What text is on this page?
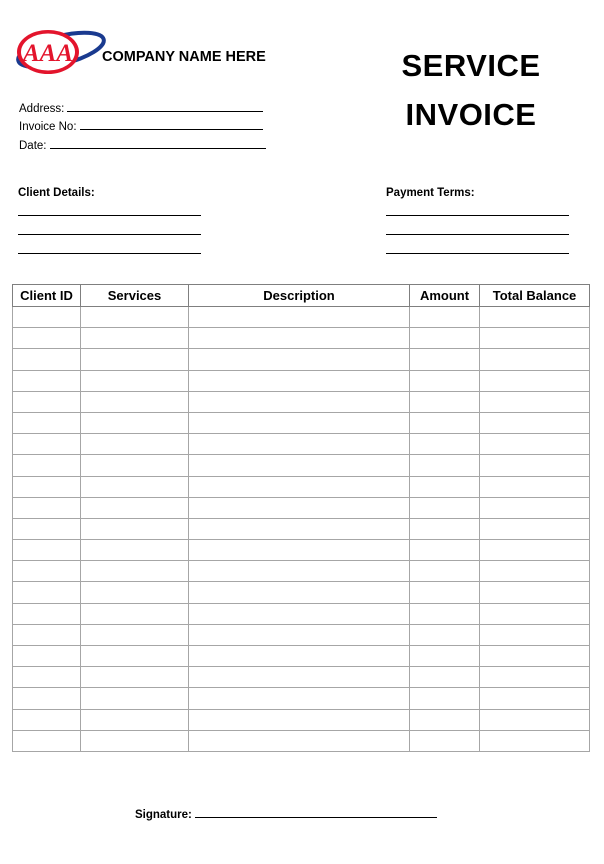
AAA COMPANY NAME HERE	SERVICE
INVOICE
Address:
Invoice No:
Date:
Client Details:	Payment Terms:
Client ID	Services	Description	Amount	Total Balance

Signature:
